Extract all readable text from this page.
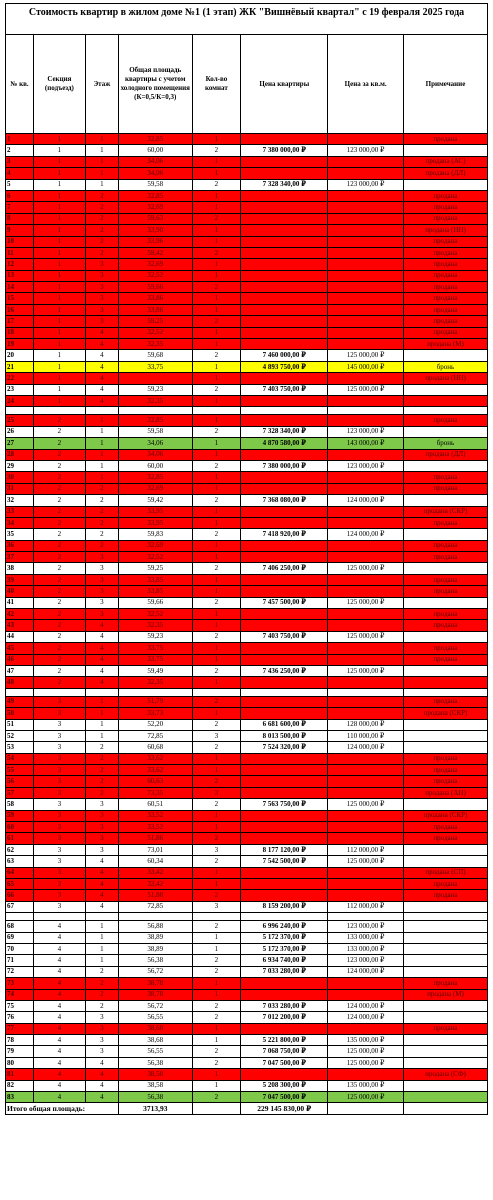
Стоимость квартир в жилом доме №1 (1 этап) ЖК "Вишнёвый квартал" с 19 февраля 2025 года
№ кв.	Секция (подъезд)	Этаж	Общая площадь квартиры с учетом холодного помещения (К=0,5/К=0,3)	Кол-во комнат	Цена квартиры	Цена за кв.м.	Примечание
1	1	1	32,85	1			продана
2	1	1	60,00	2	7 380 000,00 ₽	123 000,00 ₽	
3	1	1	34,06	1			продана (АС)
4	1	1	34,06	1			продана (ДЛ)
5	1	1	59,58	2	7 328 340,00 ₽	123 000,00 ₽	
6	1	2	32,85	1			продана
7	1	2	32,69	1			продана
8	1	2	59,63	2			продана
9	1	2	33,90	1			продана (НН)
10	1	2	33,96	1			продана
11	1	2	59,42	2			продана
12	1	3	32,69	1			продана
13	1	3	32,52	1			продана
14	1	3	59,66	2			продана
15	1	3	33,86	1			продана
16	1	3	33,86	1			продана
17	1	3	59,25	2			продана
18	1	4	32,52	1			продана
19	1	4	32,35	1			продана (М)
20	1	4	59,68	2	7 460 000,00 ₽	125 000,00 ₽	
21	1	4	33,75	1	4 893 750,00 ₽	145 000,00 ₽	бронь
22	1	4		1			продана (НН)
23	1	4	59,23	2	7 403 750,00 ₽	125 000,00 ₽	
24	1	4	32,35	1			

25	2	1	32,85	1			продана
26	2	1	59,58	2	7 328 340,00 ₽	123 000,00 ₽	
27	2	1	34,06	1	4 870 580,00 ₽	143 000,00 ₽	бронь
28	2	1	34,06	1			продана (ДЛ)
29	2	1	60,00	2	7 380 000,00 ₽	123 000,00 ₽	
30	2	1	32,85	1			продана
31	2	2	32,69	1			продана
32	2	2	59,42	2	7 368 080,00 ₽	124 000,00 ₽	
33	2	2	33,95	1			продана (СКР)
34	2	2	33,95	1			продана
35	2	2	59,83	2	7 418 920,00 ₽	124 000,00 ₽	
36	2	2	32,69	1			продана
37	2	3	32,52	1			продана
38	2	3	59,25	2	7 406 250,00 ₽	125 000,00 ₽	
39	2	3	33,85	1			продана
40	2	3	33,85	1			продана
41	2	3	59,66	2	7 457 500,00 ₽	125 000,00 ₽	
42	2	3	32,52	1			продана
43	2	4	32,35	1			продана
44	2	4	59,23	2	7 403 750,00 ₽	125 000,00 ₽	
45	2	4	33,75	1			продана
46	2	4	33,75	1			продана
47	2	4	59,49	2	7 436 250,00 ₽	125 000,00 ₽	
48	2	4	32,35	1			

49	3	1	51,79	2			продана
50	3	1	33,73	1			продана (СКР)
51	3	1	52,20	2	6 681 600,00 ₽	128 000,00 ₽	
52	3	1	72,85	3	8 013 500,00 ₽	110 000,00 ₽	
53	3	2	60,68	2	7 524 320,00 ₽	124 000,00 ₽	
54	3	2	33,62	1			продана
55	3	2	33,62	1			продана
56	3	2	60,63	2			продана
57	3	2	73,35	3			продана (АН)
58	3	3	60,51	2	7 563 750,00 ₽	125 000,00 ₽	
59	3	3	33,52	1			продана (СКР)
60	3	3	33,52	1			продана
61	3	3	51,86	2			продана
62	3	3	73,01	3	8 177 120,00 ₽	112 000,00 ₽	
63	3	4	60,34	2	7 542 500,00 ₽	125 000,00 ₽	
64	3	4	33,42	1			продана (СП)
65	3	4	33,42	1			продана
66	3	4	51,88	2			продана
67	3	4	72,85	3	8 159 200,00 ₽	112 000,00 ₽	

68	4	1	56,88	2	6 996 240,00 ₽	123 000,00 ₽	
69	4	1	38,89	1	5 172 370,00 ₽	133 000,00 ₽	
70	4	1	38,89	1	5 172 370,00 ₽	133 000,00 ₽	
71	4	1	56,38	2	6 934 740,00 ₽	123 000,00 ₽	
72	4	2	56,72	2	7 033 280,00 ₽	124 000,00 ₽	
73	4	2	38,78	1			продана
74	4	2	38,78	1			продана (М)
75	4	2	56,72	2	7 033 280,00 ₽	124 000,00 ₽	
76	4	3	56,55	2	7 012 200,00 ₽	124 000,00 ₽	
77	4	3	38,68	1			продана
78	4	3	38,68	1	5 221 800,00 ₽	135 000,00 ₽	
79	4	3	56,55	2	7 068 750,00 ₽	125 000,00 ₽	
80	4	4	56,38	2	7 047 500,00 ₽	125 000,00 ₽	
81	4	4	38,58	1			продана (СФ)
82	4	4	38,58	1	5 208 300,00 ₽	135 000,00 ₽	
83	4	4	56,38	2	7 047 500,00 ₽	125 000,00 ₽	
Итого общая площадь:			3713,93		229 145 830,00 ₽		
